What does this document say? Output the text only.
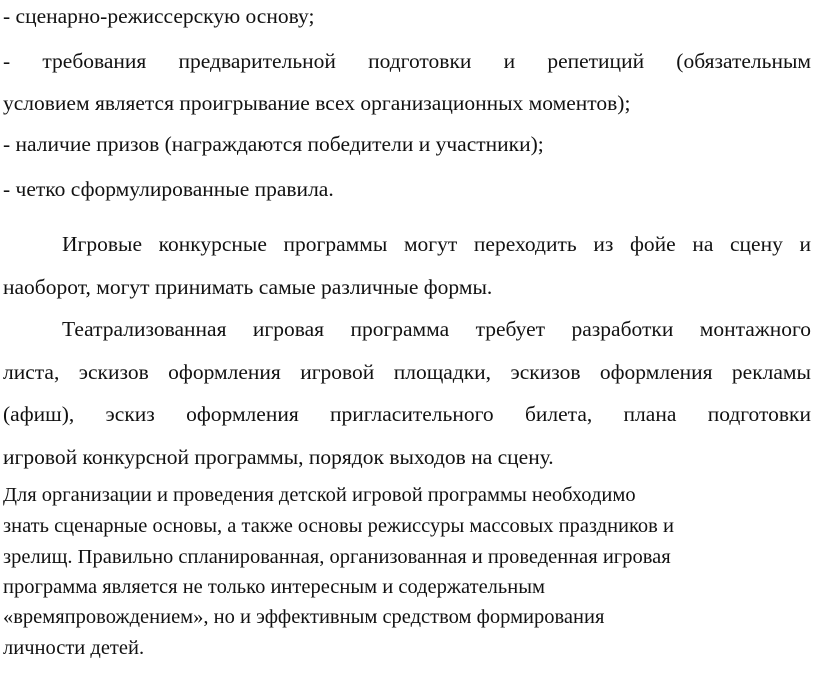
- сценарно-режиссерскую основу;
- требования предварительной подготовки и репетиций (обязательным
условием является проигрывание всех организационных моментов);
- наличие призов (награждаются победители и участники);
- четко сформулированные правила.
Игровые конкурсные программы могут переходить из фойе на сцену и
наоборот, могут принимать самые различные формы.
Театрализованная игровая программа требует разработки монтажного
листа, эскизов оформления игровой площадки, эскизов оформления рекламы
(афиш), эскиз оформления пригласительного билета, плана подготовки
игровой конкурсной программы, порядок выходов на сцену.
Для организации и проведения детской игровой программы необходимо
знать сценарные основы, а также основы режиссуры массовых праздников и
зрелищ. Правильно спланированная, организованная и проведенная игровая
программа является не только интересным и содержательным
«времяпровождением», но и эффективным средством формирования
личности детей.
